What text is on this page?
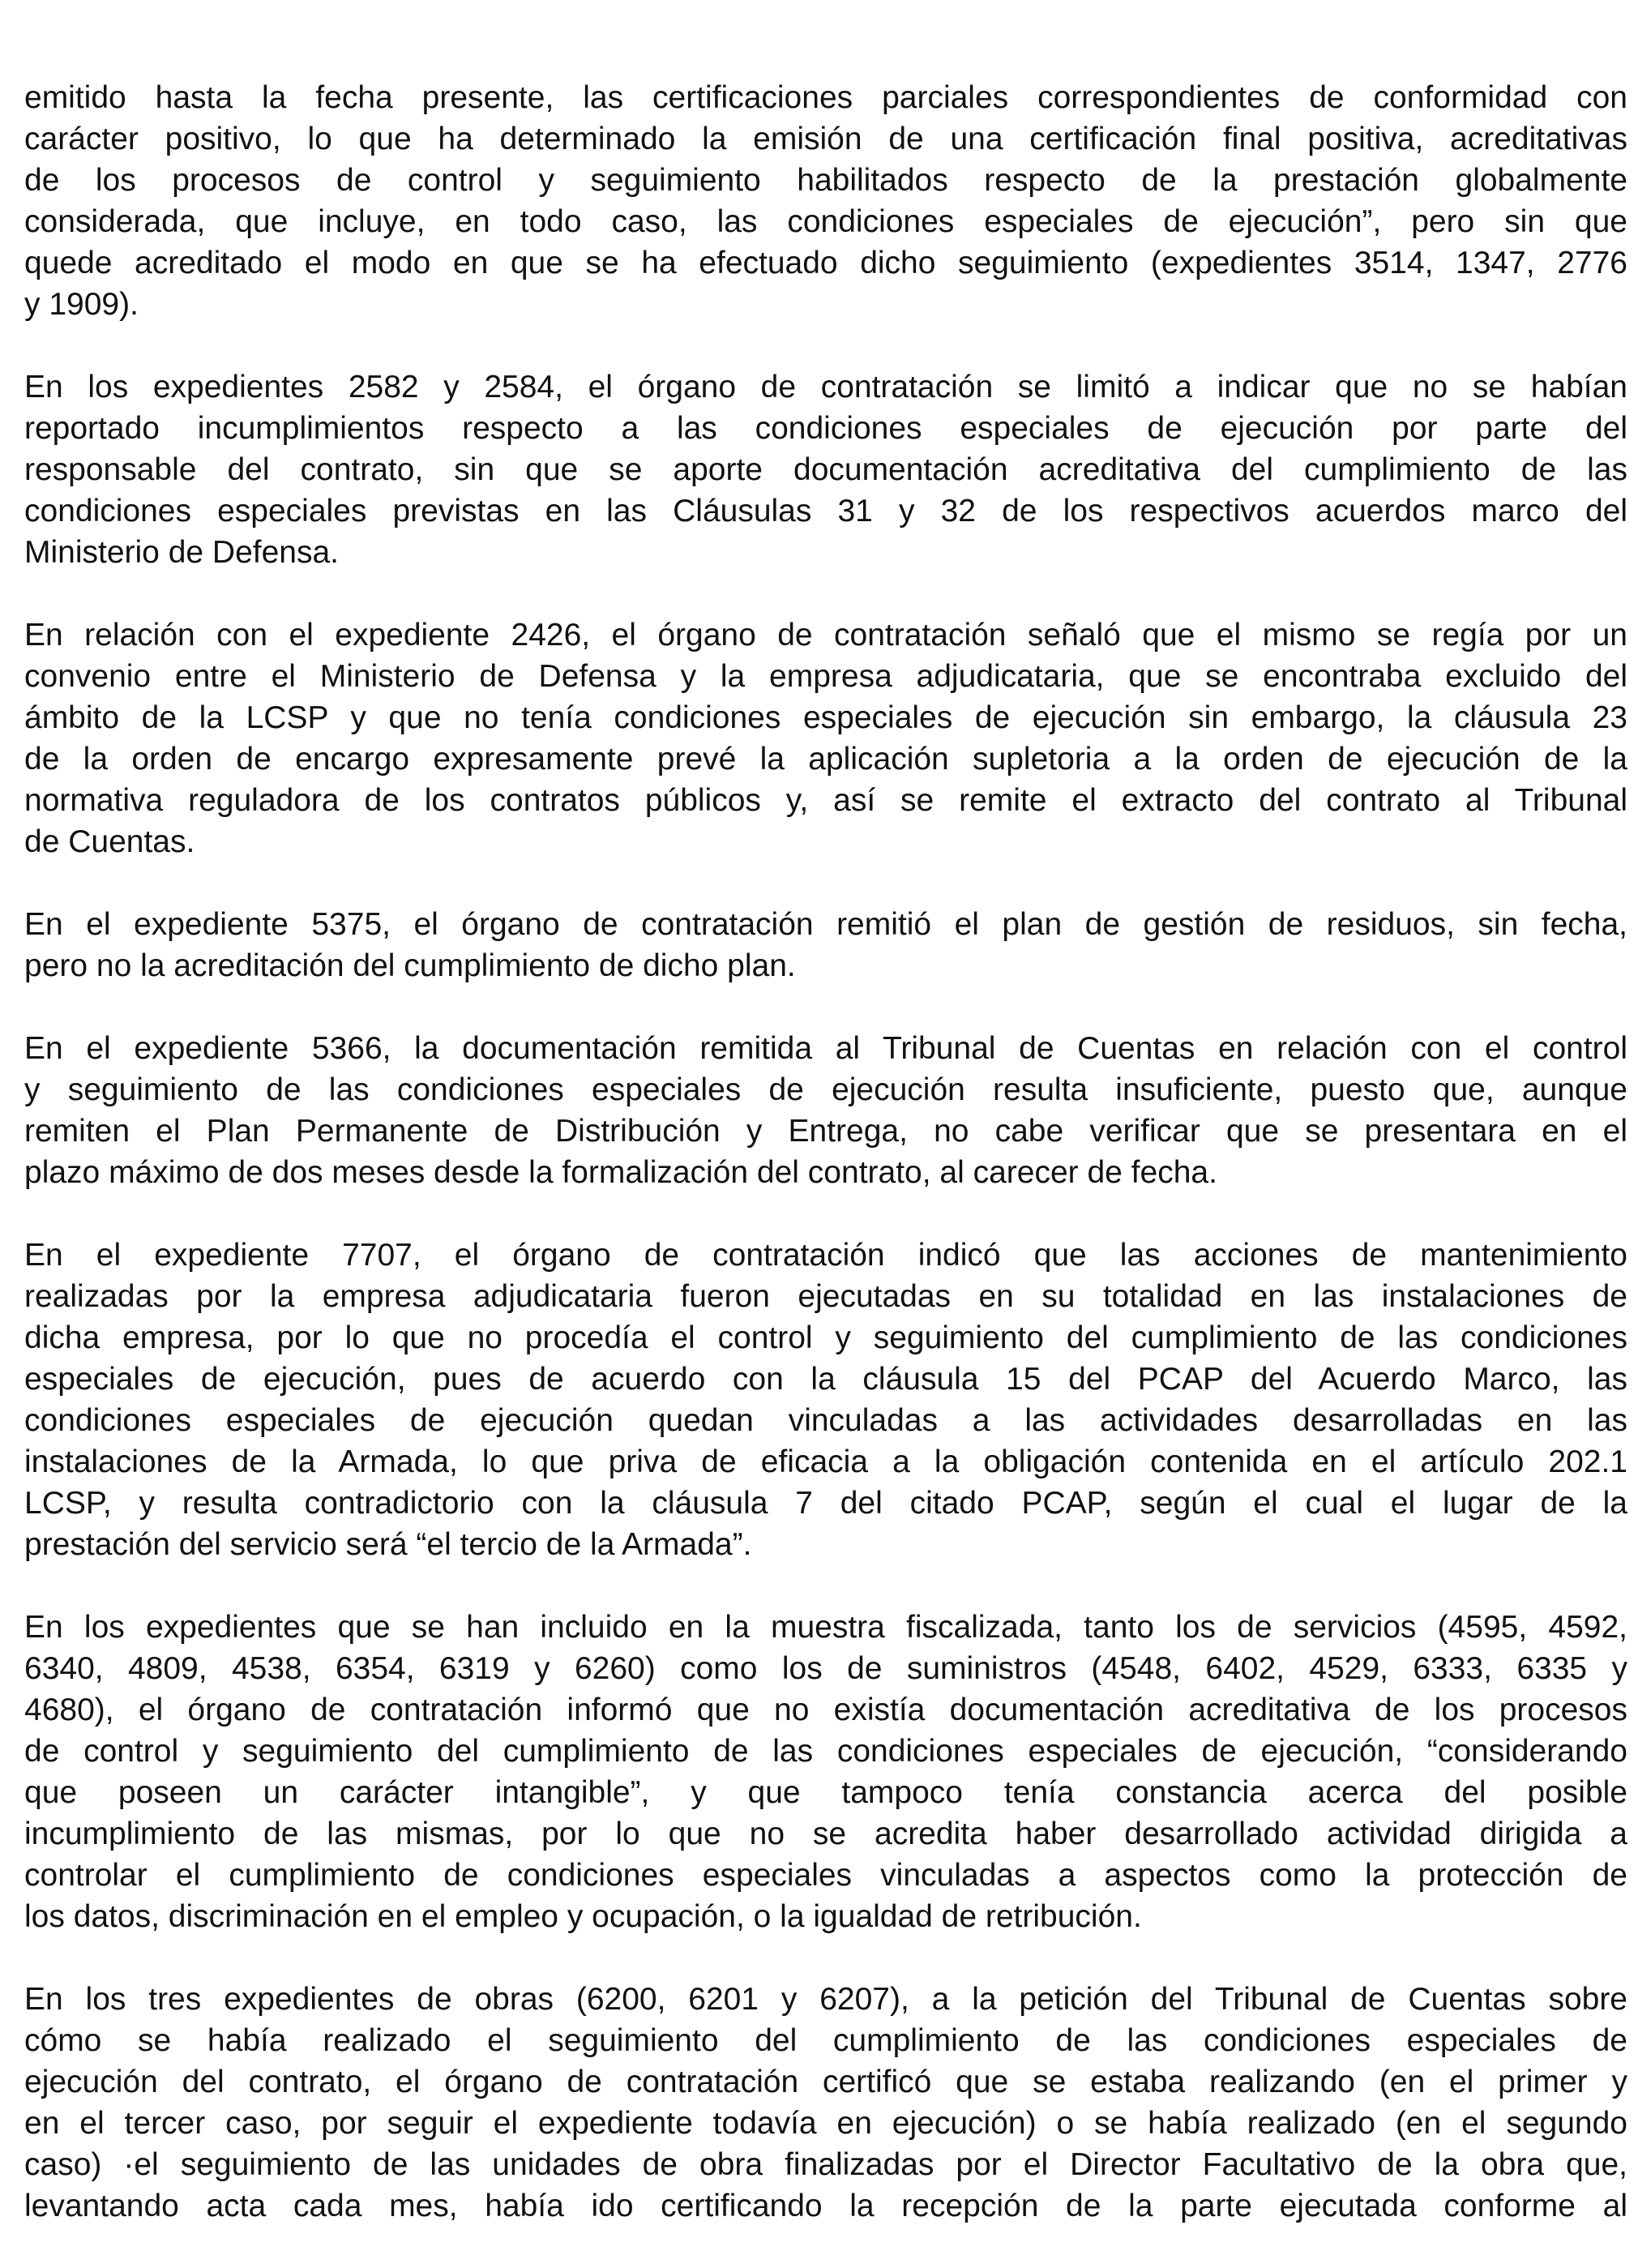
emitido hasta la fecha presente, las certificaciones parciales correspondientes de conformidad con
carácter positivo, lo que ha determinado la emisión de una certificación final positiva, acreditativas
de los procesos de control y seguimiento habilitados respecto de la prestación globalmente
considerada, que incluye, en todo caso, las condiciones especiales de ejecución”, pero sin que
quede acreditado el modo en que se ha efectuado dicho seguimiento (expedientes 3514, 1347, 2776
y 1909).
En los expedientes 2582 y 2584, el órgano de contratación se limitó a indicar que no se habían
reportado incumplimientos respecto a las condiciones especiales de ejecución por parte del
responsable del contrato, sin que se aporte documentación acreditativa del cumplimiento de las
condiciones especiales previstas en las Cláusulas 31 y 32 de los respectivos acuerdos marco del
Ministerio de Defensa.
En relación con el expediente 2426, el órgano de contratación señaló que el mismo se regía por un
convenio entre el Ministerio de Defensa y la empresa adjudicataria, que se encontraba excluido del
ámbito de la LCSP y que no tenía condiciones especiales de ejecución sin embargo, la cláusula 23
de la orden de encargo expresamente prevé la aplicación supletoria a la orden de ejecución de la
normativa reguladora de los contratos públicos y, así se remite el extracto del contrato al Tribunal
de Cuentas.
En el expediente 5375, el órgano de contratación remitió el plan de gestión de residuos, sin fecha,
pero no la acreditación del cumplimiento de dicho plan.
En el expediente 5366, la documentación remitida al Tribunal de Cuentas en relación con el control
y seguimiento de las condiciones especiales de ejecución resulta insuficiente, puesto que, aunque
remiten el Plan Permanente de Distribución y Entrega, no cabe verificar que se presentara en el
plazo máximo de dos meses desde la formalización del contrato, al carecer de fecha.
En el expediente 7707, el órgano de contratación indicó que las acciones de mantenimiento
realizadas por la empresa adjudicataria fueron ejecutadas en su totalidad en las instalaciones de
dicha empresa, por lo que no procedía el control y seguimiento del cumplimiento de las condiciones
especiales de ejecución, pues de acuerdo con la cláusula 15 del PCAP del Acuerdo Marco, las
condiciones especiales de ejecución quedan vinculadas a las actividades desarrolladas en las
instalaciones de la Armada, lo que priva de eficacia a la obligación contenida en el artículo 202.1
LCSP, y resulta contradictorio con la cláusula 7 del citado PCAP, según el cual el lugar de la
prestación del servicio será “el tercio de la Armada”.
En los expedientes que se han incluido en la muestra fiscalizada, tanto los de servicios (4595, 4592,
6340, 4809, 4538, 6354, 6319 y 6260) como los de suministros (4548, 6402, 4529, 6333, 6335 y
4680), el órgano de contratación informó que no existía documentación acreditativa de los procesos
de control y seguimiento del cumplimiento de las condiciones especiales de ejecución, “considerando
que poseen un carácter intangible”, y que tampoco tenía constancia acerca del posible
incumplimiento de las mismas, por lo que no se acredita haber desarrollado actividad dirigida a
controlar el cumplimiento de condiciones especiales vinculadas a aspectos como la protección de
los datos, discriminación en el empleo y ocupación, o la igualdad de retribución.
En los tres expedientes de obras (6200, 6201 y 6207), a la petición del Tribunal de Cuentas sobre
cómo se había realizado el seguimiento del cumplimiento de las condiciones especiales de
ejecución del contrato, el órgano de contratación certificó que se estaba realizando (en el primer y
en el tercer caso, por seguir el expediente todavía en ejecución) o se había realizado (en el segundo
caso) ·el seguimiento de las unidades de obra finalizadas por el Director Facultativo de la obra que,
levantando acta cada mes, había ido certificando la recepción de la parte ejecutada conforme al
